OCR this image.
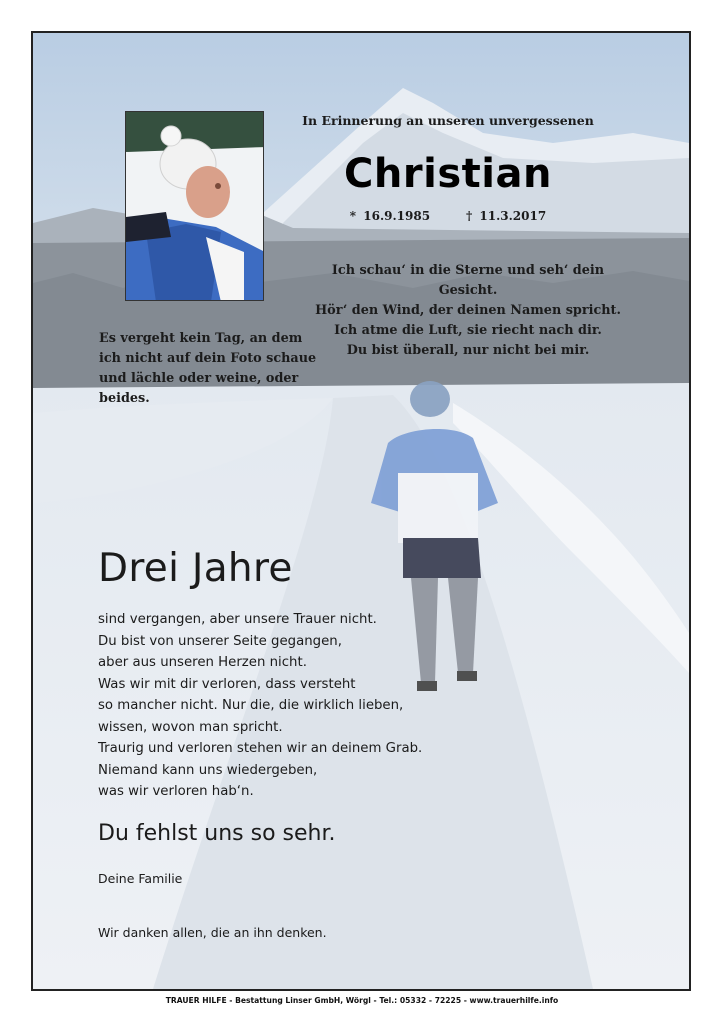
In Erinnerung an unseren unvergessenen
Christian
* 16.9.1985     † 11.3.2017
Ich schau‘ in die Sterne und seh‘ dein Gesicht.
Hör‘ den Wind, der deinen Namen spricht.
Ich atme die Luft, sie riecht nach dir.
Du bist überall, nur nicht bei mir.
Es vergeht kein Tag, an dem
ich nicht auf dein Foto schaue
und lächle oder weine, oder
beides.
Drei Jahre
sind vergangen, aber unsere Trauer nicht.
Du bist von unserer Seite gegangen,
aber aus unseren Herzen nicht.
Was wir mit dir verloren, dass versteht
so mancher nicht. Nur die, die wirklich lieben,
wissen, wovon man spricht.
Traurig und verloren stehen wir an deinem Grab.
Niemand kann uns wiedergeben,
was wir verloren hab‘n.
Du fehlst uns so sehr.
Deine Familie
Wir danken allen, die an ihn denken.
TRAUER HILFE - Bestattung Linser GmbH, Wörgl - Tel.: 05332 - 72225 - www.trauerhilfe.info
